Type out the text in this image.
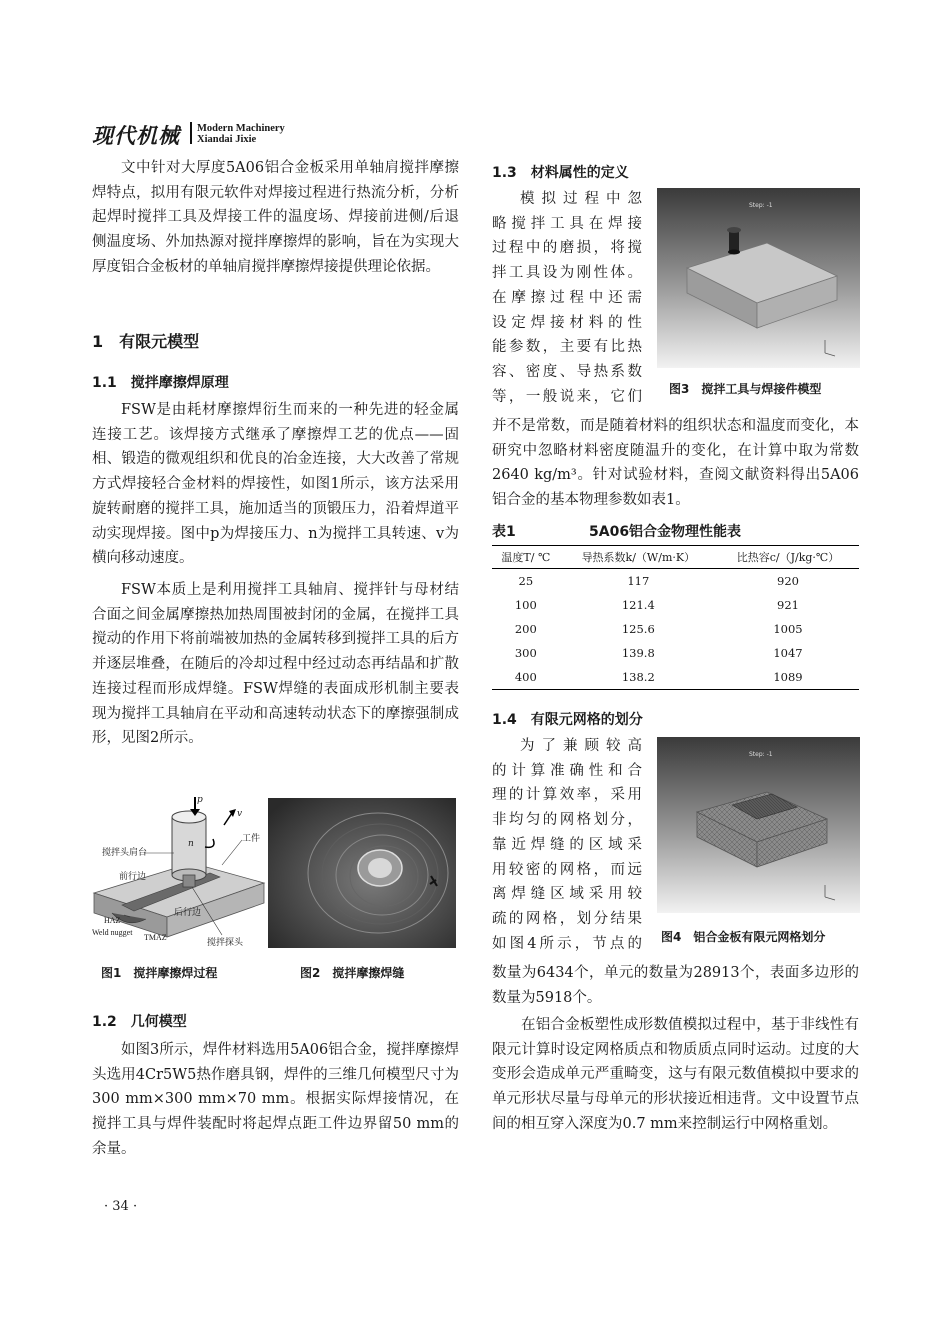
现代机械 Modern Machinery
Xiandai Jixie
文中针对大厚度5A06铝合金板采用单轴肩搅拌摩擦焊特点，拟用有限元软件对焊接过程进行热流分析，分析起焊时搅拌工具及焊接工件的温度场、焊接前进侧/后退侧温度场、外加热源对搅拌摩擦焊的影响，旨在为实现大厚度铝合金板材的单轴肩搅拌摩擦焊接提供理论依据。
1　有限元模型
1.1　搅拌摩擦焊原理
FSW是由耗材摩擦焊衍生而来的一种先进的轻金属连接工艺。该焊接方式继承了摩擦焊工艺的优点——固相、锻造的微观组织和优良的冶金连接，大大改善了常规方式焊接轻合金材料的焊接性，如图1所示，该方法采用旋转耐磨的搅拌工具，施加适当的顶锻压力，沿着焊道平动实现焊接。图中p为焊接压力、n为搅拌工具转速、v为横向移动速度。
FSW本质上是利用搅拌工具轴肩、搅拌针与母材结合面之间金属摩擦热加热周围被封闭的金属，在搅拌工具搅动的作用下将前端被加热的金属转移到搅拌工具的后方并逐层堆叠，在随后的冷却过程中经过动态再结晶和扩散连接过程而形成焊缝。FSW焊缝的表面成形机制主要表现为搅拌工具轴肩在平动和高速转动状态下的摩擦强制成形，见图2所示。
p
v
n
搅拌头肩台
工件
前行边
后行边
HAZ
Weld nugget
TMAZ
搅拌探头
图1　搅拌摩擦焊过程	图2　搅拌摩擦焊缝
1.2　几何模型
如图3所示，焊件材料选用5A06铝合金，搅拌摩擦焊头选用4Cr5W5热作磨具钢，焊件的三维几何模型尺寸为300 mm×300 mm×70 mm。根据实际焊接情况，在搅拌工具与焊件装配时将起焊点距工件边界留50 mm的余量。
· 34 ·
1.3　材料属性的定义
模拟过程中忽
略搅拌工具在焊接
过程中的磨损，将搅
拌工具设为刚性体。
在摩擦过程中还需
设定焊接材料的性
能参数，主要有比热
容、密度、导热系数
等，一般说来，它们
Step: -1
图3　搅拌工具与焊接件模型
并不是常数，而是随着材料的组织状态和温度而变化，本研究中忽略材料密度随温升的变化，在计算中取为常数2640 kg/m³。针对试验材料，查阅文献资料得出5A06铝合金的基本物理参数如表1。
表1	5A06铝合金物理性能表
温度T/ ℃	导热系数k/（W/m·K）	比热容c/（J/kg·℃）
25	117	920
100	121.4	921
200	125.6	1005
300	139.8	1047
400	138.2	1089
1.4　有限元网格的划分
为了兼顾较高
的计算准确性和合
理的计算效率，采用
非均匀的网格划分，
靠近焊缝的区域采
用较密的网格，而远
离焊缝区域采用较
疏的网格，划分结果
如图4所示，节点的
Step: -1
图4　铝合金板有限元网格划分
数量为6434个，单元的数量为28913个，表面多边形的数量为5918个。
在铝合金板塑性成形数值模拟过程中，基于非线性有限元计算时设定网格质点和物质质点同时运动。过度的大变形会造成单元严重畸变，这与有限元数值模拟中要求的单元形状尽量与母单元的形状接近相违背。文中设置节点间的相互穿入深度为0.7 mm来控制运行中网格重划。
